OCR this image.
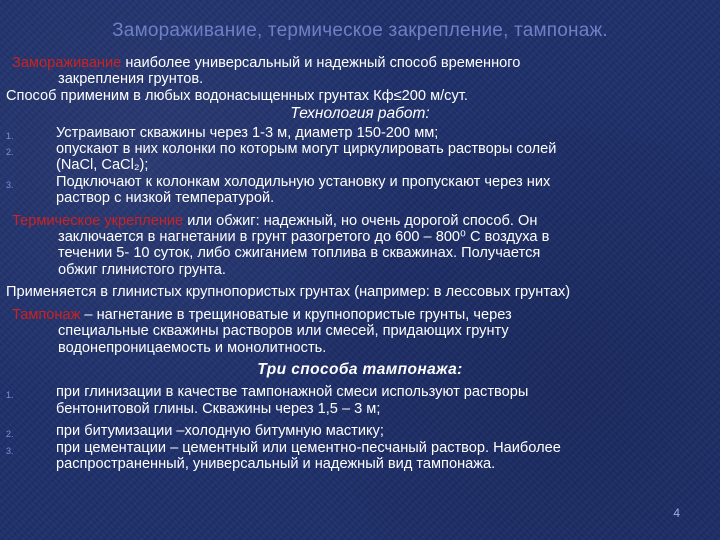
Замораживание, термическое закрепление, тампонаж.

Замораживание наиболее универсальный и надежный способ временного
закрепления грунтов.

Способ применим в любых водонасыщенных грунтах Кф≤200 м/сут.

Технология работ:

1.	Устраивают скважины через 1-3 м, диаметр 150-200 мм;

2.	опускают в них колонки по которым могут циркулировать растворы солей
(NaCl, CaCl₂);

3.	Подключают к колонкам холодильную установку и пропускают через них
раствор с низкой температурой.

Термическое укрепление или обжиг: надежный, но очень дорогой способ. Он
заключается в нагнетании в грунт разогретого до 600 – 800⁰ С воздуха в
течении 5- 10 суток, либо сжиганием топлива в скважинах. Получается
обжиг глинистого грунта.

Применяется в глинистых крупнопористых грунтах (например: в лессовых грунтах)

Тампонаж – нагнетание в трещиноватые и крупнопористые грунты, через
специальные скважины растворов или смесей, придающих грунту
водонепроницаемость и монолитность.

Три способа тампонажа:

1.	при глинизации в качестве тампонажной смеси используют растворы
бентонитовой глины. Скважины через 1,5 – 3 м;

2.	при битумизации –холодную битумную мастику;

3.	при цементации – цементный или цементно-песчаный раствор. Наиболее
распространенный, универсальный и надежный вид тампонажа.

4
